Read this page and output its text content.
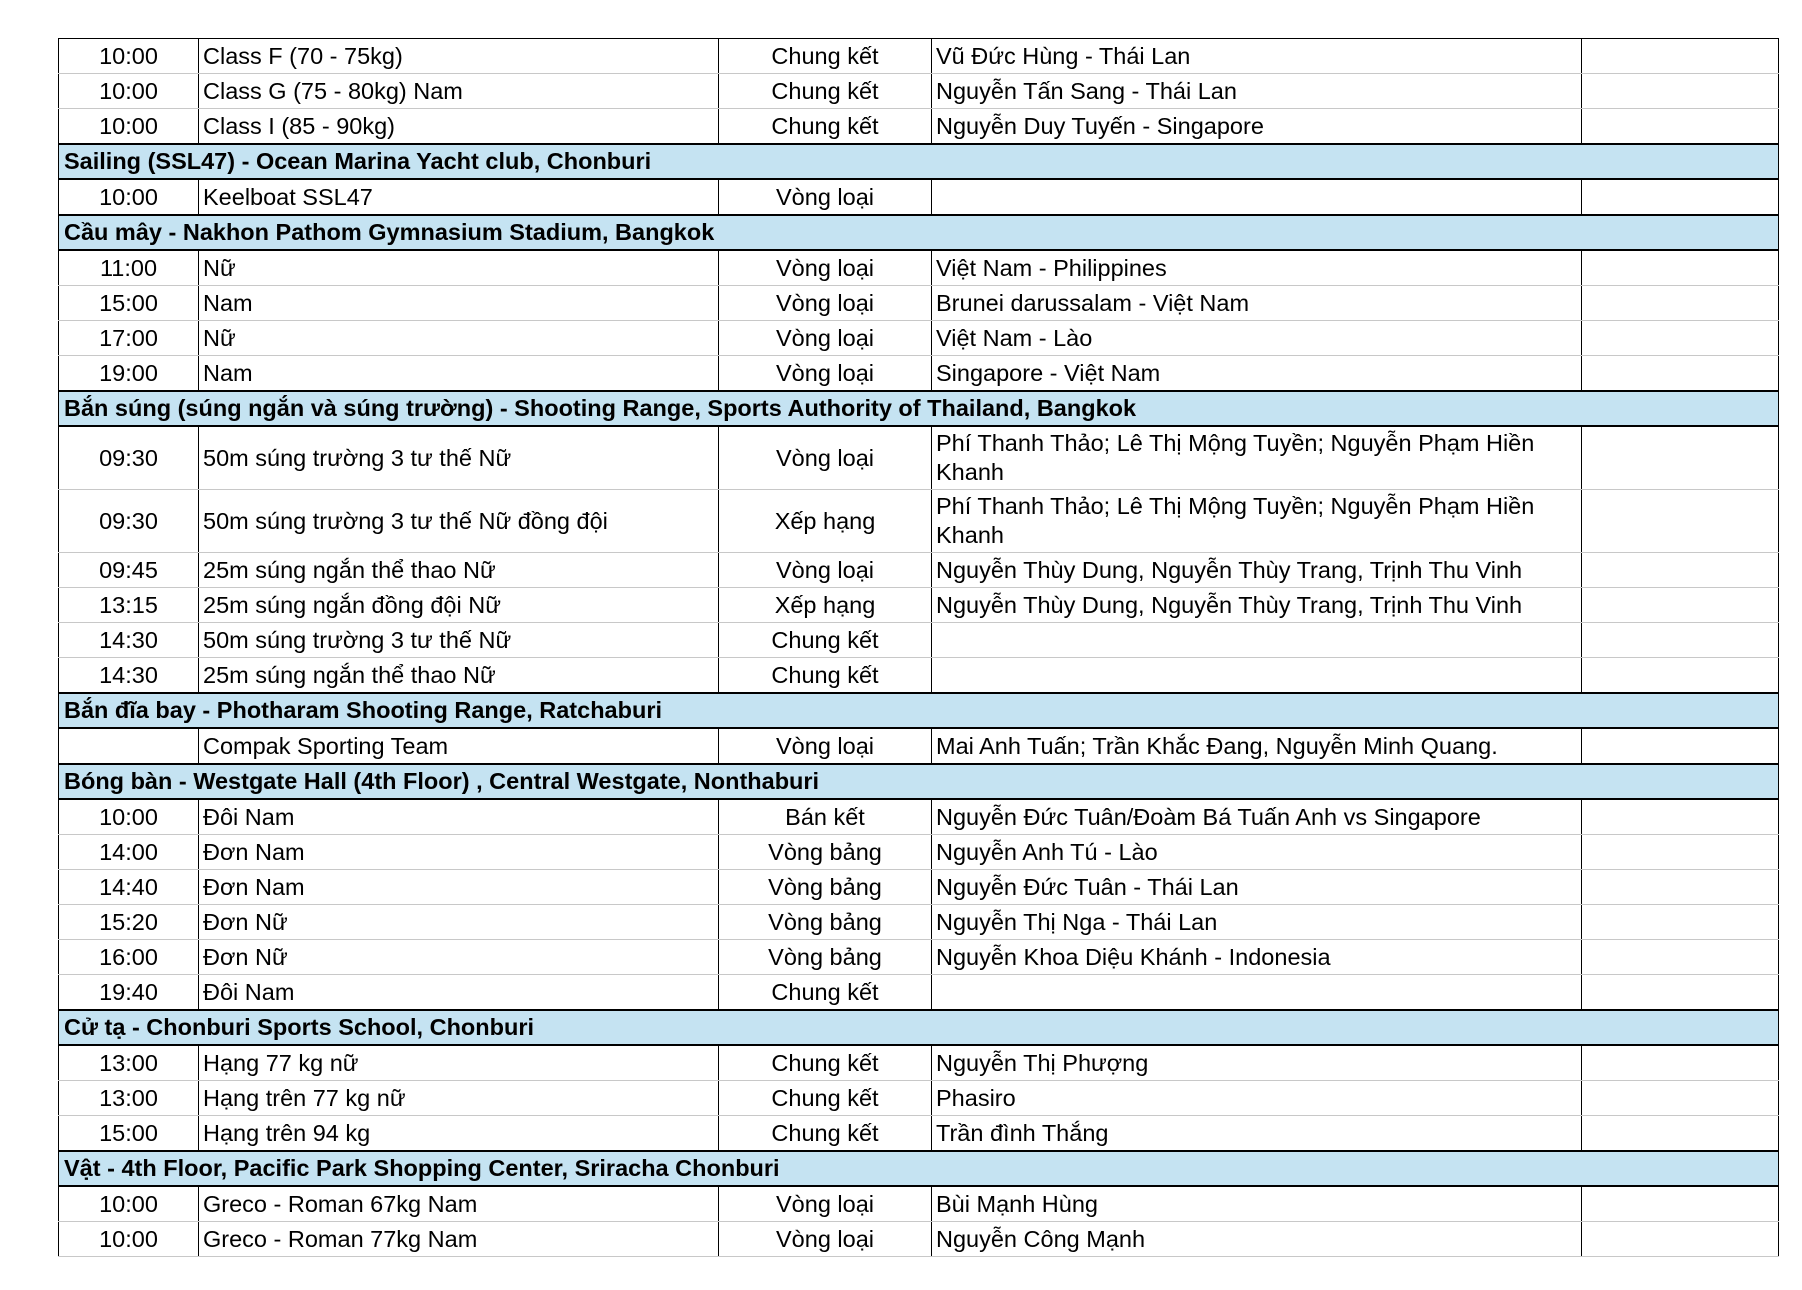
10:00	Class F (70 - 75kg)	Chung kết	Vũ Đức Hùng - Thái Lan	
10:00	Class G (75 - 80kg) Nam	Chung kết	Nguyễn Tấn Sang - Thái Lan	
10:00	Class I (85 - 90kg)	Chung kết	Nguyễn Duy Tuyến - Singapore	
Sailing (SSL47) - Ocean Marina Yacht club, Chonburi				
10:00	Keelboat SSL47	Vòng loại		
Cầu mây - Nakhon Pathom Gymnasium Stadium, Bangkok				
11:00	Nữ	Vòng loại	Việt Nam - Philippines	
15:00	Nam	Vòng loại	Brunei darussalam - Việt Nam	
17:00	Nữ	Vòng loại	Việt Nam - Lào	
19:00	Nam	Vòng loại	Singapore - Việt Nam	
Bắn súng (súng ngắn và súng trường) - Shooting Range, Sports Authority of Thailand, Bangkok				
09:30	50m súng trường 3 tư thế Nữ	Vòng loại	Phí Thanh Thảo; Lê Thị Mộng Tuyền; Nguyễn Phạm Hiền Khanh	
09:30	50m súng trường 3 tư thế Nữ đồng đội	Xếp hạng	Phí Thanh Thảo; Lê Thị Mộng Tuyền; Nguyễn Phạm Hiền Khanh	
09:45	25m súng ngắn thể thao Nữ	Vòng loại	Nguyễn Thùy Dung, Nguyễn Thùy Trang, Trịnh Thu Vinh	
13:15	25m súng ngắn đồng đội Nữ	Xếp hạng	Nguyễn Thùy Dung, Nguyễn Thùy Trang, Trịnh Thu Vinh	
14:30	50m súng trường 3 tư thế Nữ	Chung kết		
14:30	25m súng ngắn thể thao Nữ	Chung kết		
Bắn đĩa bay - Photharam Shooting Range, Ratchaburi				
	Compak Sporting Team	Vòng loại	Mai Anh Tuấn; Trần Khắc Đang, Nguyễn Minh Quang.	
Bóng bàn - Westgate Hall (4th Floor) , Central Westgate, Nonthaburi				
10:00	Đôi Nam	Bán kết	Nguyễn Đức Tuân/Đoàm Bá Tuấn Anh vs Singapore	
14:00	Đơn Nam	Vòng bảng	Nguyễn Anh Tú - Lào	
14:40	Đơn Nam	Vòng bảng	Nguyễn Đức Tuân - Thái Lan	
15:20	Đơn Nữ	Vòng bảng	Nguyễn Thị Nga - Thái Lan	
16:00	Đơn Nữ	Vòng bảng	Nguyễn Khoa Diệu Khánh - Indonesia	
19:40	Đôi Nam	Chung kết		
Cử tạ - Chonburi Sports School, Chonburi				
13:00	Hạng 77 kg nữ	Chung kết	Nguyễn Thị Phượng	
13:00	Hạng trên 77 kg nữ	Chung kết	Phasiro	
15:00	Hạng trên 94 kg	Chung kết	Trần đình Thắng	
Vật - 4th Floor, Pacific Park Shopping Center, Sriracha Chonburi				
10:00	Greco - Roman 67kg Nam	Vòng loại	Bùi Mạnh Hùng	
10:00	Greco - Roman 77kg Nam	Vòng loại	Nguyễn Công Mạnh	
